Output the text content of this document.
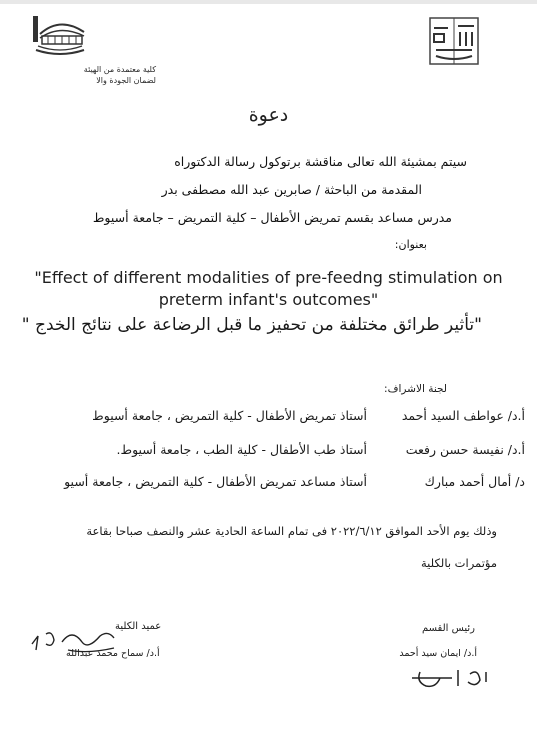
كلية معتمدة من الهيئة
لضمان الجودة والا
دعوة
سيتم بمشيئة الله تعالى مناقشة برتوكول رسالة الدكتوراه
المقدمة من الباحثة / صابرين عبد الله مصطفى بدر
مدرس مساعد بقسم تمريض الأطفال – كلية التمريض – جامعة أسيوط
بعنوان:
"Effect of different modalities of pre-feedng stimulation on
preterm infant's outcomes"
"تأثير طرائق مختلفة من تحفيز ما قبل الرضاعة على نتائج الخدج "
لجنة الاشراف:
أ.د/ عواطف السيد أحمد
أستاذ تمريض الأطفال - كلية التمريض ، جامعة أسيوط
أ.د/ نفيسة حسن رفعت
أستاذ طب الأطفال - كلية الطب ، جامعة أسيوط.
د/ أمال أحمد مبارك
أستاذ مساعد تمريض الأطفال - كلية التمريض ، جامعة أسيو
وذلك يوم الأحد الموافق ٢٠٢٢/٦/١٢ فى تمام الساعة الحادية عشر والنصف صباحا بقاعة
مؤتمرات بالكلية
عميد الكلية
أ.د/ سماح محمد عبدالله
رئيس القسم
أ.د/ ايمان سيد أحمد
